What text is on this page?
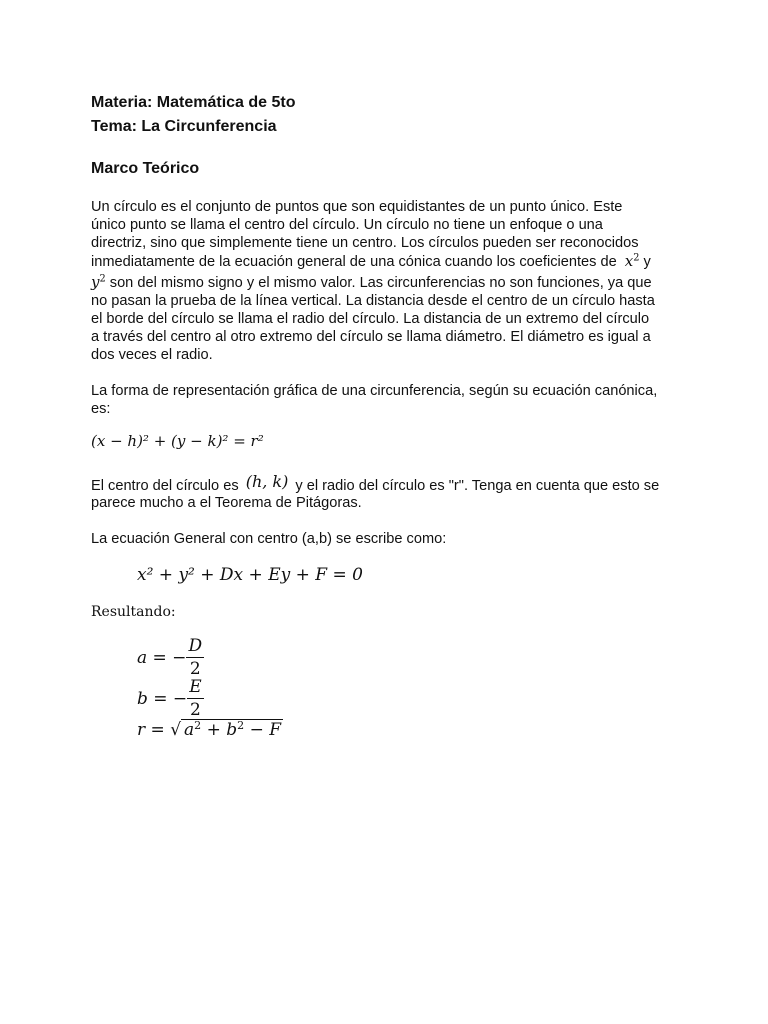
Materia: Matemática de 5to
Tema: La Circunferencia
Marco Teórico
Un círculo es el conjunto de puntos que son equidistantes de un punto único. Este
único punto se llama el centro del círculo. Un círculo no tiene un enfoque o una
directriz, sino que simplemente tiene un centro. Los círculos pueden ser reconocidos
inmediatamente de la ecuación general de una cónica cuando los coeficientes de $x^2$ y
$y^2$ son del mismo signo y el mismo valor. Las circunferencias no son funciones, ya que
no pasan la prueba de la línea vertical. La distancia desde el centro de un círculo hasta
el borde del círculo se llama el radio del círculo. La distancia de un extremo del círculo
a través del centro al otro extremo del círculo se llama diámetro. El diámetro es igual a
dos veces el radio.
La forma de representación gráfica de una circunferencia, según su ecuación canónica,
es:
(x − h)² + (y − k)² = r²
El centro del círculo es (h, k) y el radio del círculo es "r". Tenga en cuenta que esto se
parece mucho a el Teorema de Pitágoras.
La ecuación General con centro (a,b) se escribe como:
x² + y² + Dx + Ey + F = 0
Resultando:
a = − $\frac{D}{2}$
b = − $\frac{E}{2}$
r = √ $a^2 + b^2 - F$
